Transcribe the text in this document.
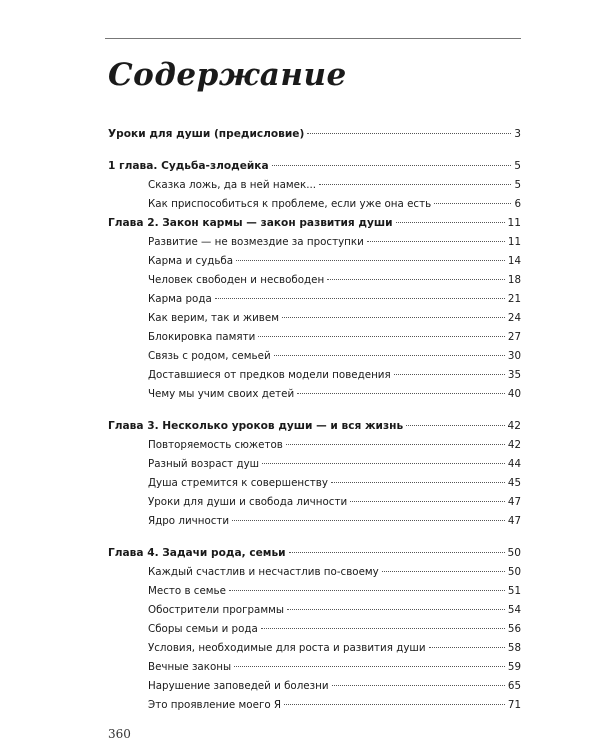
Содержание
Уроки для души (предисловие)	3
1 глава. Судьба-злодейка	5
Сказка ложь, да в ней намек...	5
Как приспособиться к проблеме, если уже она есть	6
Глава 2. Закон кармы — закон развития души	11
Развитие — не возмездие за проступки	11
Карма и судьба	14
Человек свободен и несвободен	18
Карма рода	21
Как верим, так и живем	24
Блокировка памяти	27
Связь с родом, семьей	30
Доставшиеся от предков модели поведения	35
Чему мы учим своих детей	40
Глава 3. Несколько уроков души — и вся жизнь	42
Повторяемость сюжетов	42
Разный возраст душ	44
Душа стремится к совершенству	45
Уроки для души и свобода личности	47
Ядро личности	47
Глава 4. Задачи рода, семьи	50
Каждый счастлив и несчастлив по-своему	50
Место в семье	51
Обострители программы	54
Сборы семьи и рода	56
Условия, необходимые для роста и развития души	58
Вечные законы	59
Нарушение заповедей и болезни	65
Это проявление моего Я	71
360
